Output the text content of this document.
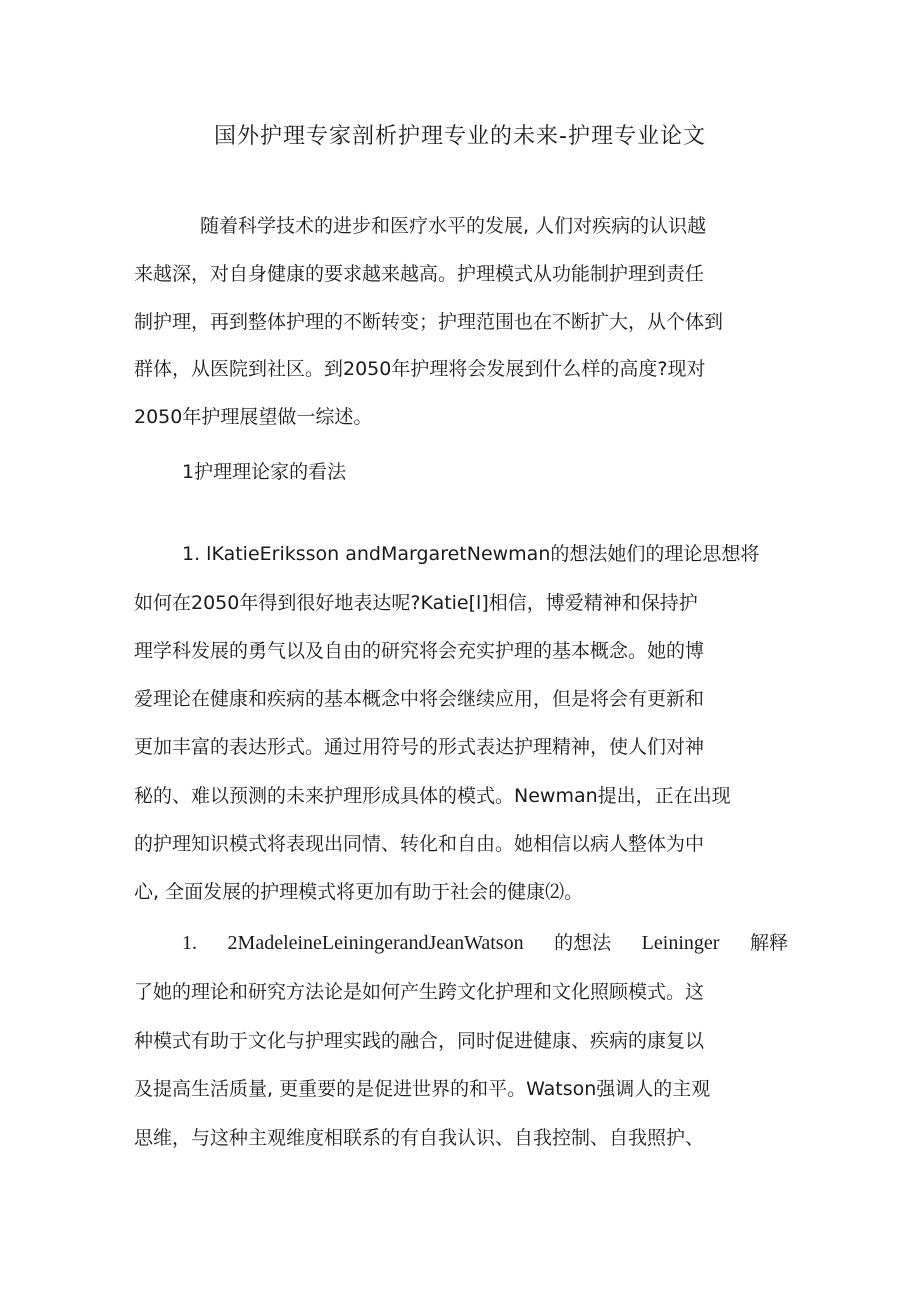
国外护理专家剖析护理专业的未来-护理专业论文
随着科学技术的进步和医疗水平的发展, 人们对疾病的认识越
来越深，对自身健康的要求越来越高。护理模式从功能制护理到责任
制护理，再到整体护理的不断转变；护理范围也在不断扩大，从个体到
群体，从医院到社区。到2050年护理将会发展到什么样的高度?现对
2050年护理展望做一综述。
1护理理论家的看法
1. lKatieEriksson andMargaretNewman的想法她们的理论思想将
如何在2050年得到很好地表达呢?Katie[l]相信，博爱精神和保持护
理学科发展的勇气以及自由的研究将会充实护理的基本概念。她的博
爱理论在健康和疾病的基本概念中将会继续应用，但是将会有更新和
更加丰富的表达形式。通过用符号的形式表达护理精神，使人们对神
秘的、难以预测的未来护理形成具体的模式。Newman提出，正在出现
的护理知识模式将表现出同情、转化和自由。她相信以病人整体为中
心, 全面发展的护理模式将更加有助于社会的健康⑵。
1. 2MadeleineLeiningerandJeanWatson 的想法 Leininger 解释
了她的理论和研究方法论是如何产生跨文化护理和文化照顾模式。这
种模式有助于文化与护理实践的融合，同时促进健康、疾病的康复以
及提高生活质量, 更重要的是促进世界的和平。Watson强调人的主观
思维，与这种主观维度相联系的有自我认识、自我控制、自我照护、
